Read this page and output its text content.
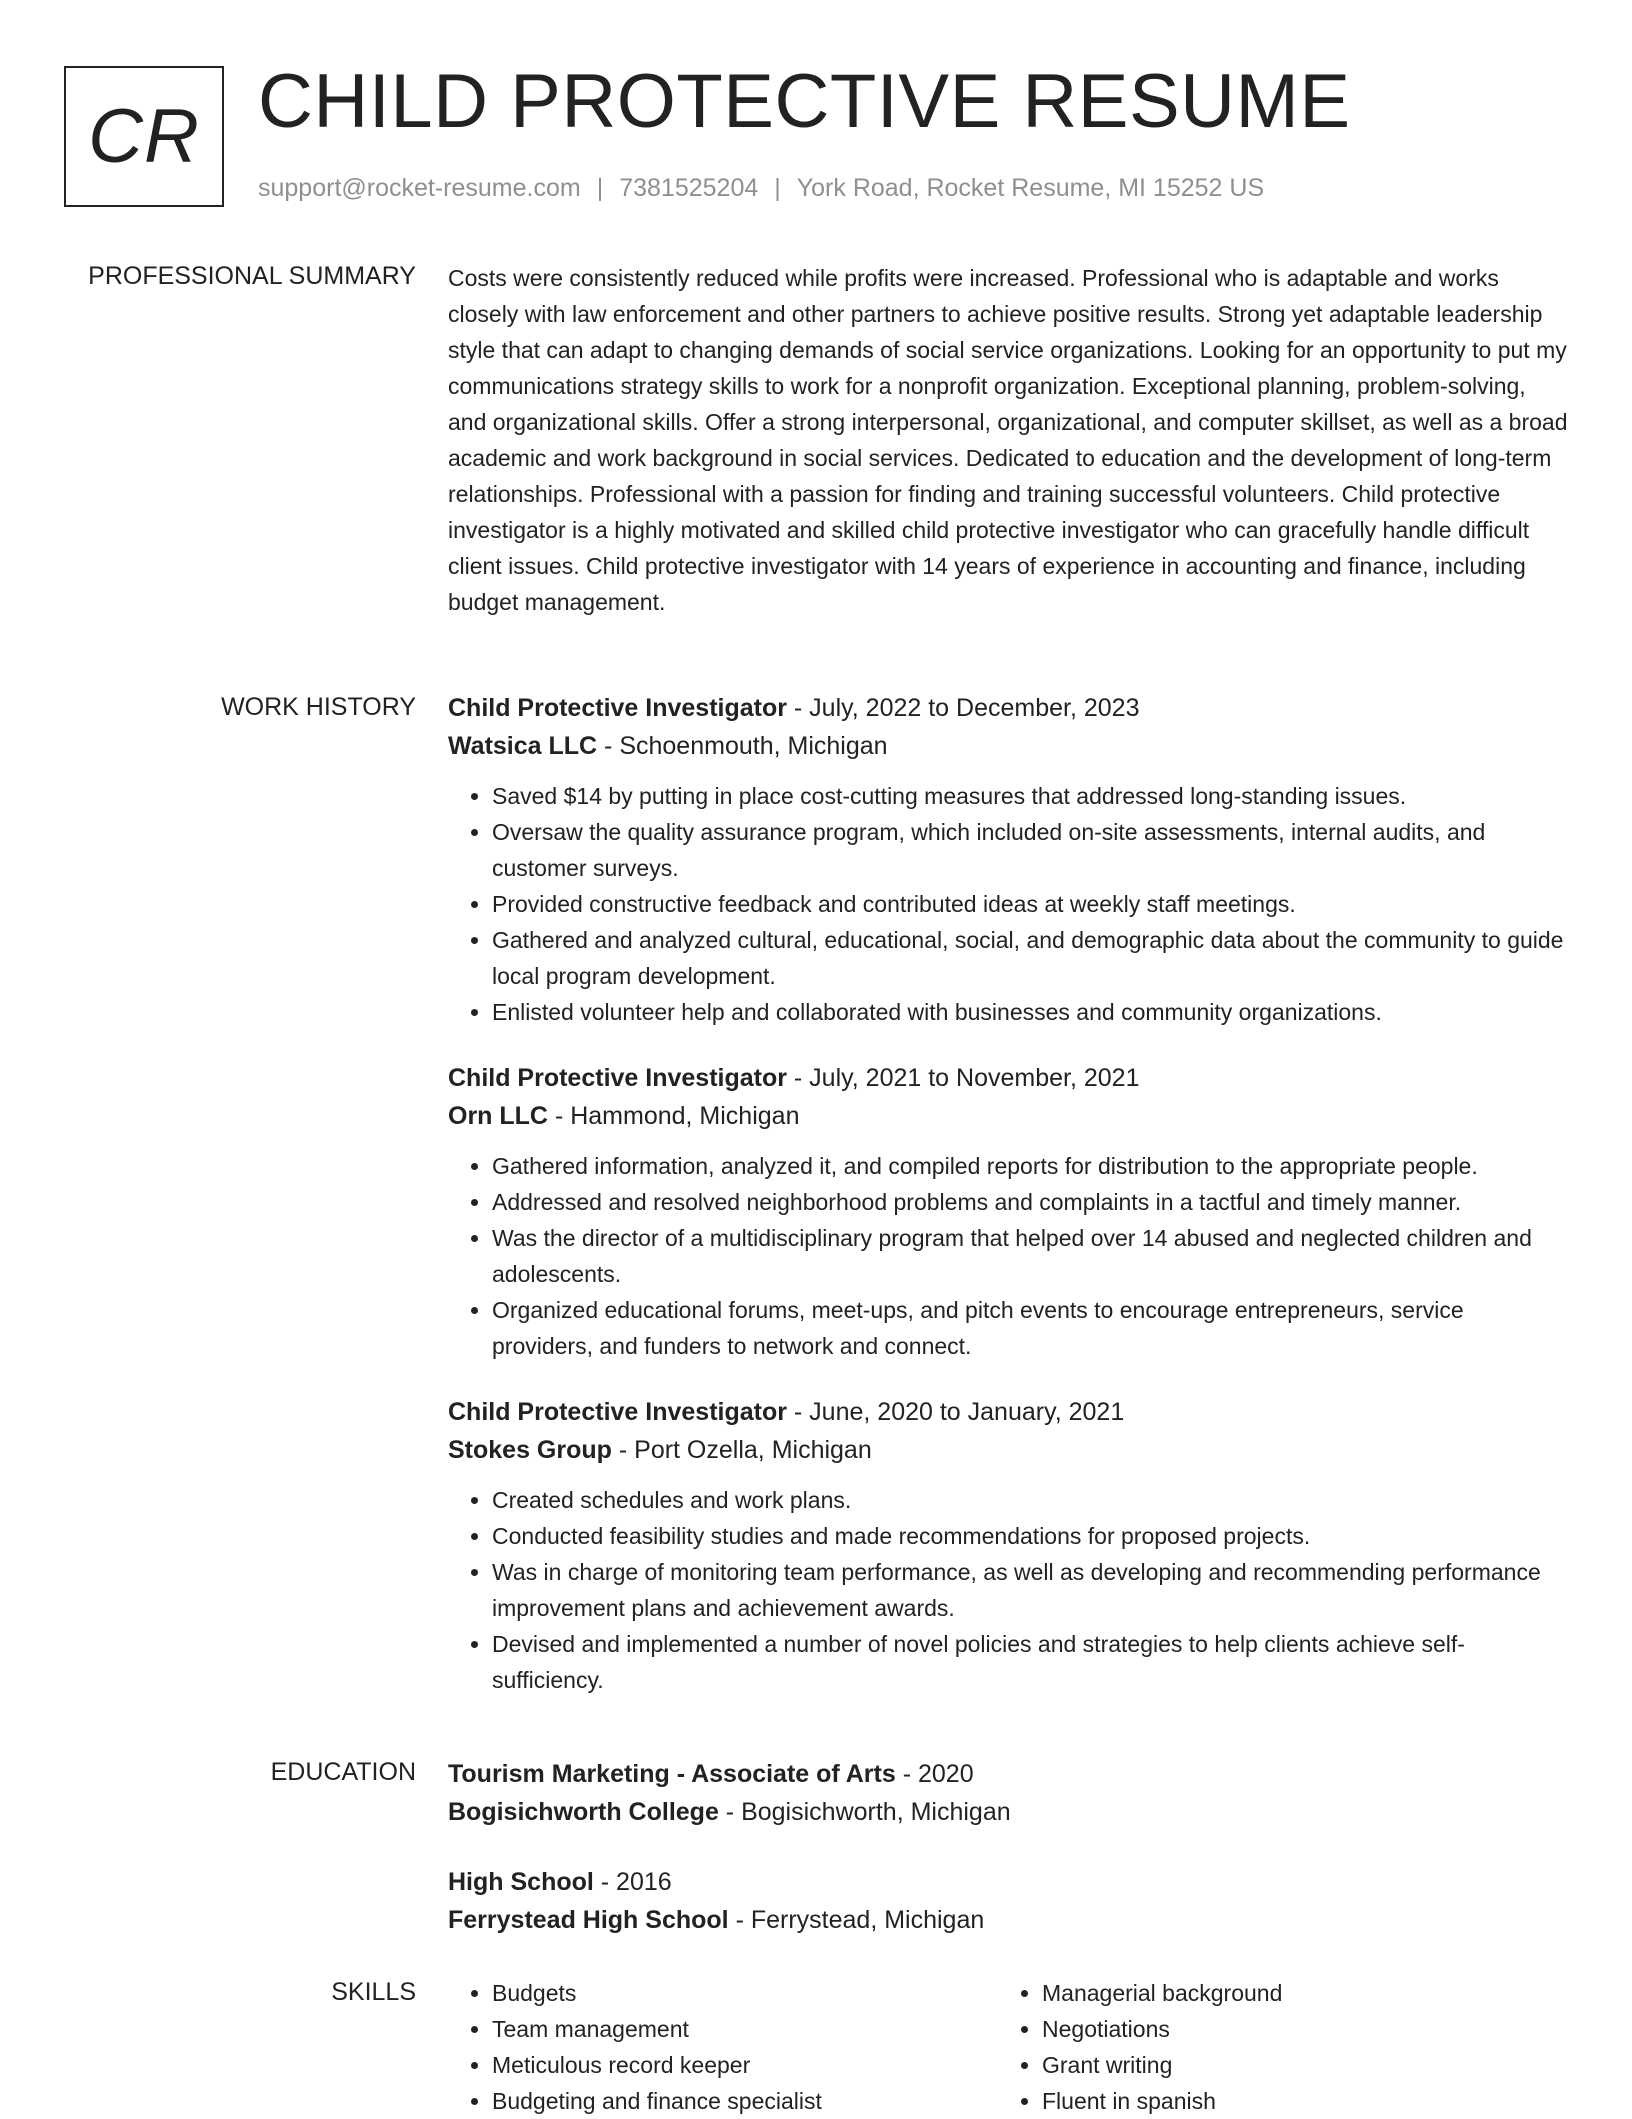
CR CHILD PROTECTIVE RESUME
support@rocket-resume.com | 7381525204 | York Road, Rocket Resume, MI 15252 US
PROFESSIONAL SUMMARY Costs were consistently reduced while profits were increased. Professional who is adaptable and works closely with law enforcement and other partners to achieve positive results. Strong yet adaptable leadership style that can adapt to changing demands of social service organizations. Looking for an opportunity to put my communications strategy skills to work for a nonprofit organization. Exceptional planning, problem-solving, and organizational skills. Offer a strong interpersonal, organizational, and computer skillset, as well as a broad academic and work background in social services. Dedicated to education and the development of long-term relationships. Professional with a passion for finding and training successful volunteers. Child protective investigator is a highly motivated and skilled child protective investigator who can gracefully handle difficult client issues. Child protective investigator with 14 years of experience in accounting and finance, including budget management.

WORK HISTORY Child Protective Investigator - July, 2022 to December, 2023

Watsica LLC - Schoenmouth, Michigan

• Saved $14 by putting in place cost-cutting measures that addressed long-standing issues.
• Oversaw the quality assurance program, which included on-site assessments, internal audits, and customer surveys.
• Provided constructive feedback and contributed ideas at weekly staff meetings.
• Gathered and analyzed cultural, educational, social, and demographic data about the community to guide local program development.
• Enlisted volunteer help and collaborated with businesses and community organizations.

Child Protective Investigator - July, 2021 to November, 2021

Orn LLC - Hammond, Michigan

• Gathered information, analyzed it, and compiled reports for distribution to the appropriate people.
• Addressed and resolved neighborhood problems and complaints in a tactful and timely manner.
• Was the director of a multidisciplinary program that helped over 14 abused and neglected children and adolescents.
• Organized educational forums, meet-ups, and pitch events to encourage entrepreneurs, service providers, and funders to network and connect.

Child Protective Investigator - June, 2020 to January, 2021

Stokes Group - Port Ozella, Michigan

• Created schedules and work plans.
• Conducted feasibility studies and made recommendations for proposed projects.
• Was in charge of monitoring team performance, as well as developing and recommending performance improvement plans and achievement awards.
• Devised and implemented a number of novel policies and strategies to help clients achieve self-sufficiency.
EDUCATION Tourism Marketing - Associate of Arts - 2020

Bogisichworth College - Bogisichworth, Michigan

High School - 2016

Ferrystead High School - Ferrystead, Michigan

SKILLS
•	Budgets
• Team management
• Meticulous record keeper
• Budgeting and finance specialist
• Managerial background
• Negotiations
• Grant writing
• Fluent in spanish
